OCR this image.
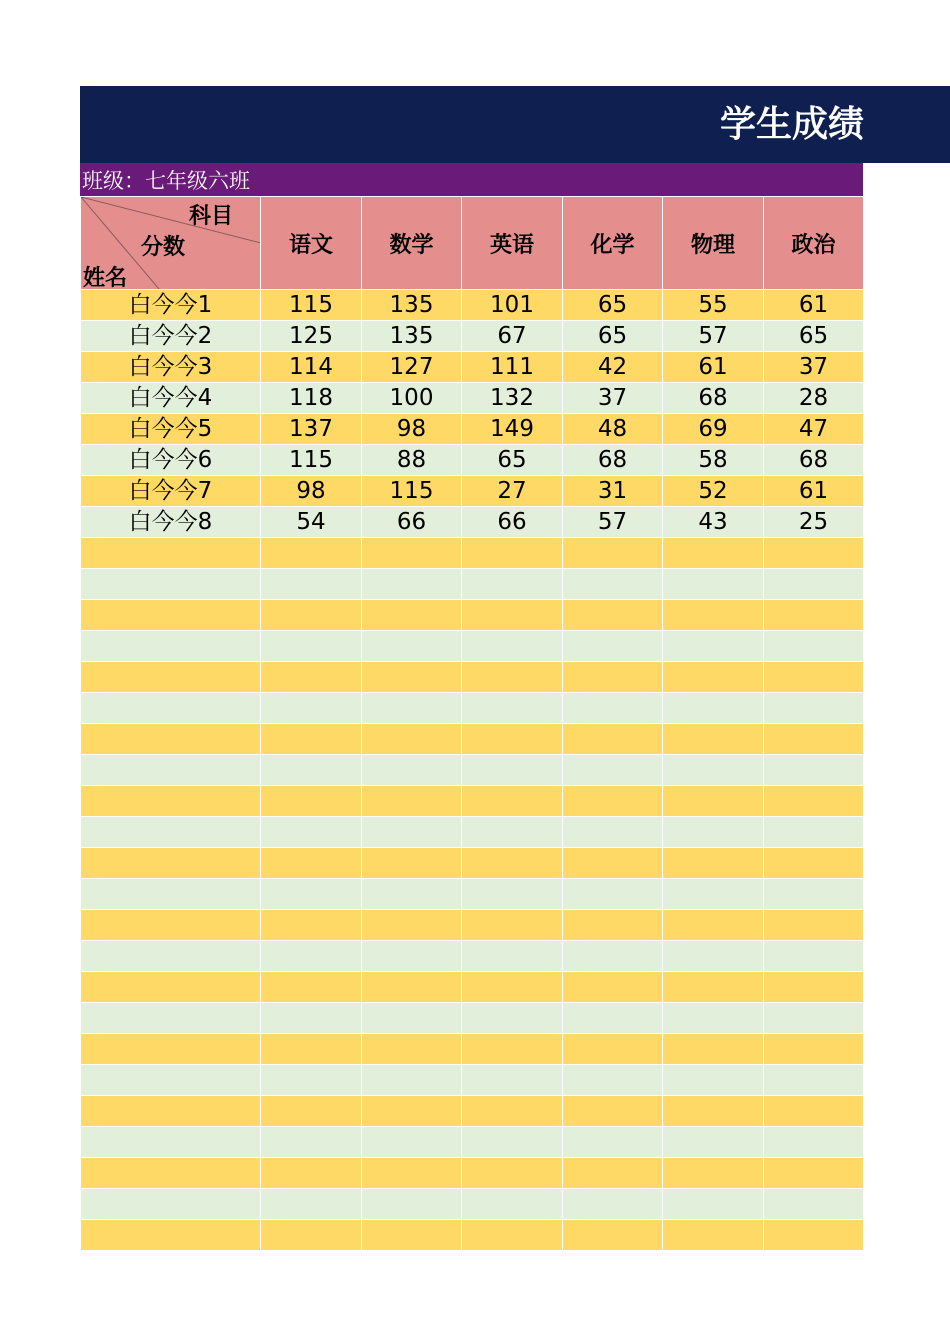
学生成绩
班级：七年级六班
科目
分数
姓名	语文	数学	英语	化学	物理	政治
白今今1	115	135	101	65	55	61
白今今2	125	135	67	65	57	65
白今今3	114	127	111	42	61	37
白今今4	118	100	132	37	68	28
白今今5	137	98	149	48	69	47
白今今6	115	88	65	68	58	68
白今今7	98	115	27	31	52	61
白今今8	54	66	66	57	43	25
